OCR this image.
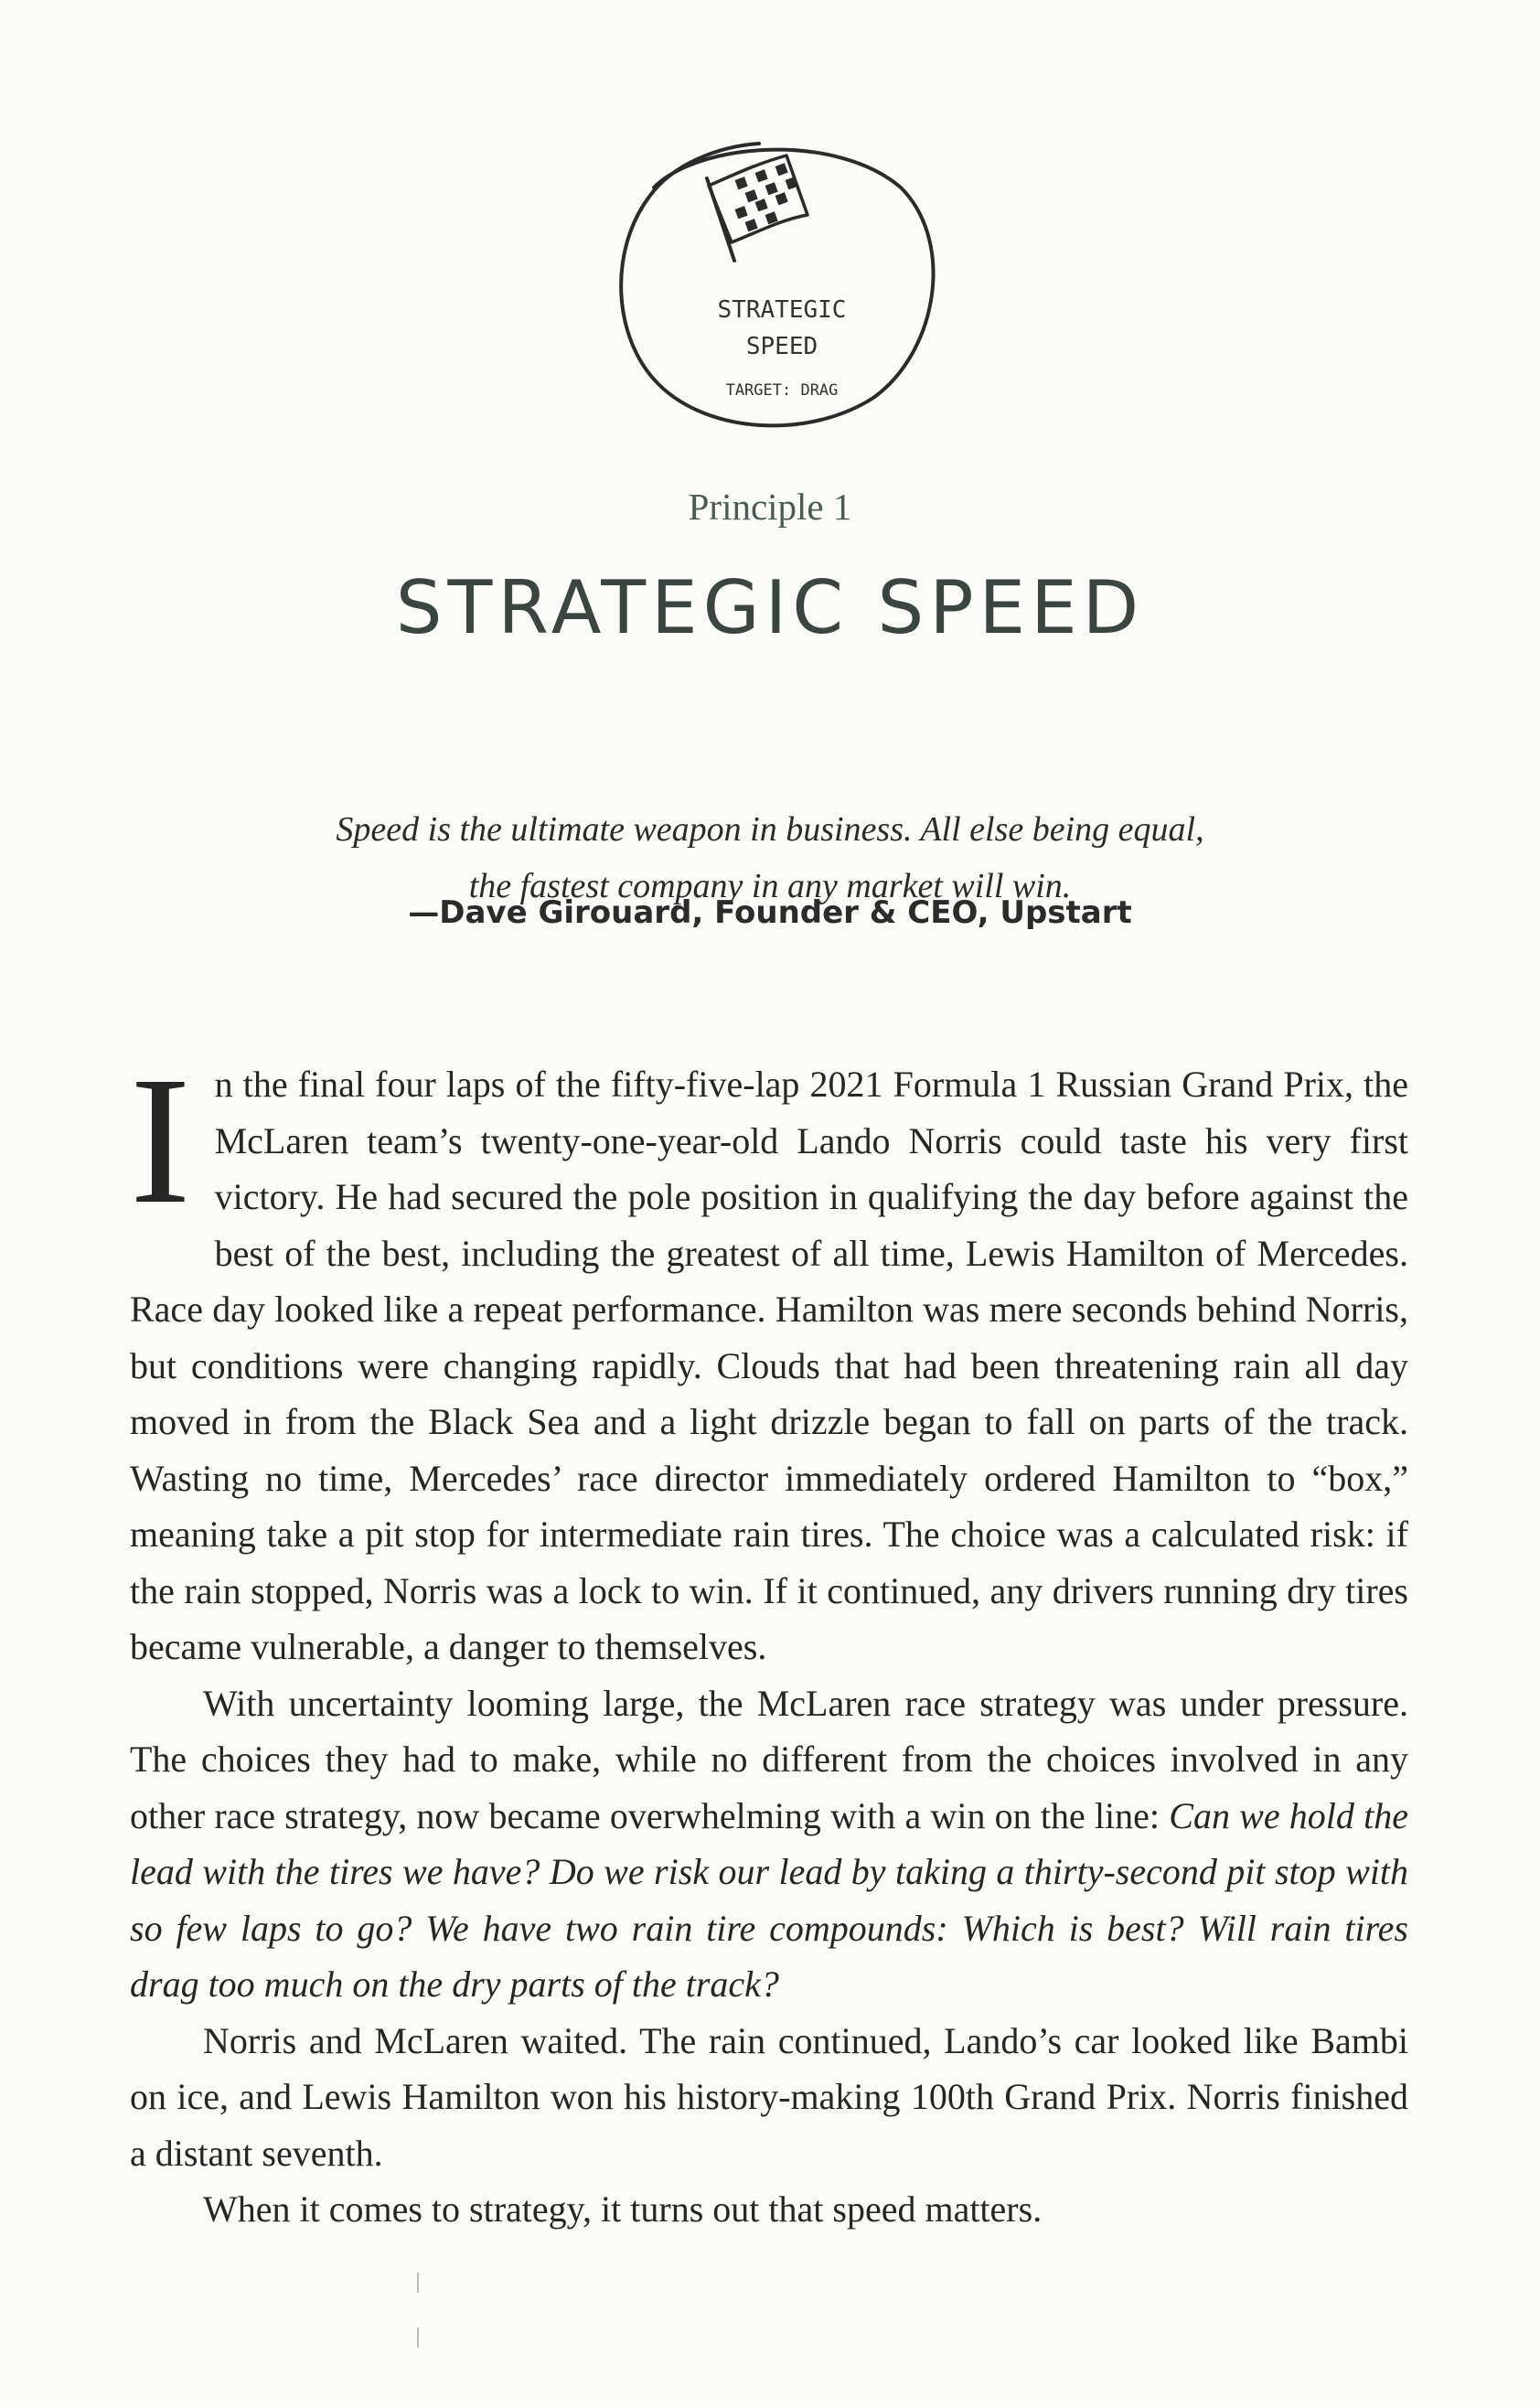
STRATEGIC
SPEED
TARGET: DRAG
Principle 1
STRATEGIC SPEED
Speed is the ultimate weapon in business. All else being equal,
the fastest company in any market will win.
—Dave Girouard, Founder & CEO, Upstart

In the final four laps of the fifty-five-lap 2021 Formula 1 Russian Grand Prix, the McLaren team’s twenty-one-year-old Lando Norris could taste his very first victory. He had secured the pole position in qualifying the day before against the best of the best, including the greatest of all time, Lewis Hamilton of Mercedes. Race day looked like a repeat performance. Hamilton was mere seconds behind Norris, but conditions were changing rapidly. Clouds that had been threatening rain all day moved in from the Black Sea and a light drizzle began to fall on parts of the track. Wasting no time, Mercedes’ race director immediately ordered Hamilton to “box,” meaning take a pit stop for intermediate rain tires. The choice was a calculated risk: if the rain stopped, Norris was a lock to win. If it continued, any drivers running dry tires became vulnerable, a danger to themselves.

With uncertainty looming large, the McLaren race strategy was under pressure. The choices they had to make, while no different from the choices involved in any other race strategy, now became overwhelming with a win on the line: Can we hold the lead with the tires we have? Do we risk our lead by taking a thirty-second pit stop with so few laps to go? We have two rain tire compounds: Which is best? Will rain tires drag too much on the dry parts of the track?

Norris and McLaren waited. The rain continued, Lando’s car looked like Bambi on ice, and Lewis Hamilton won his history-making 100th Grand Prix. Norris finished a distant seventh.

When it comes to strategy, it turns out that speed matters.
